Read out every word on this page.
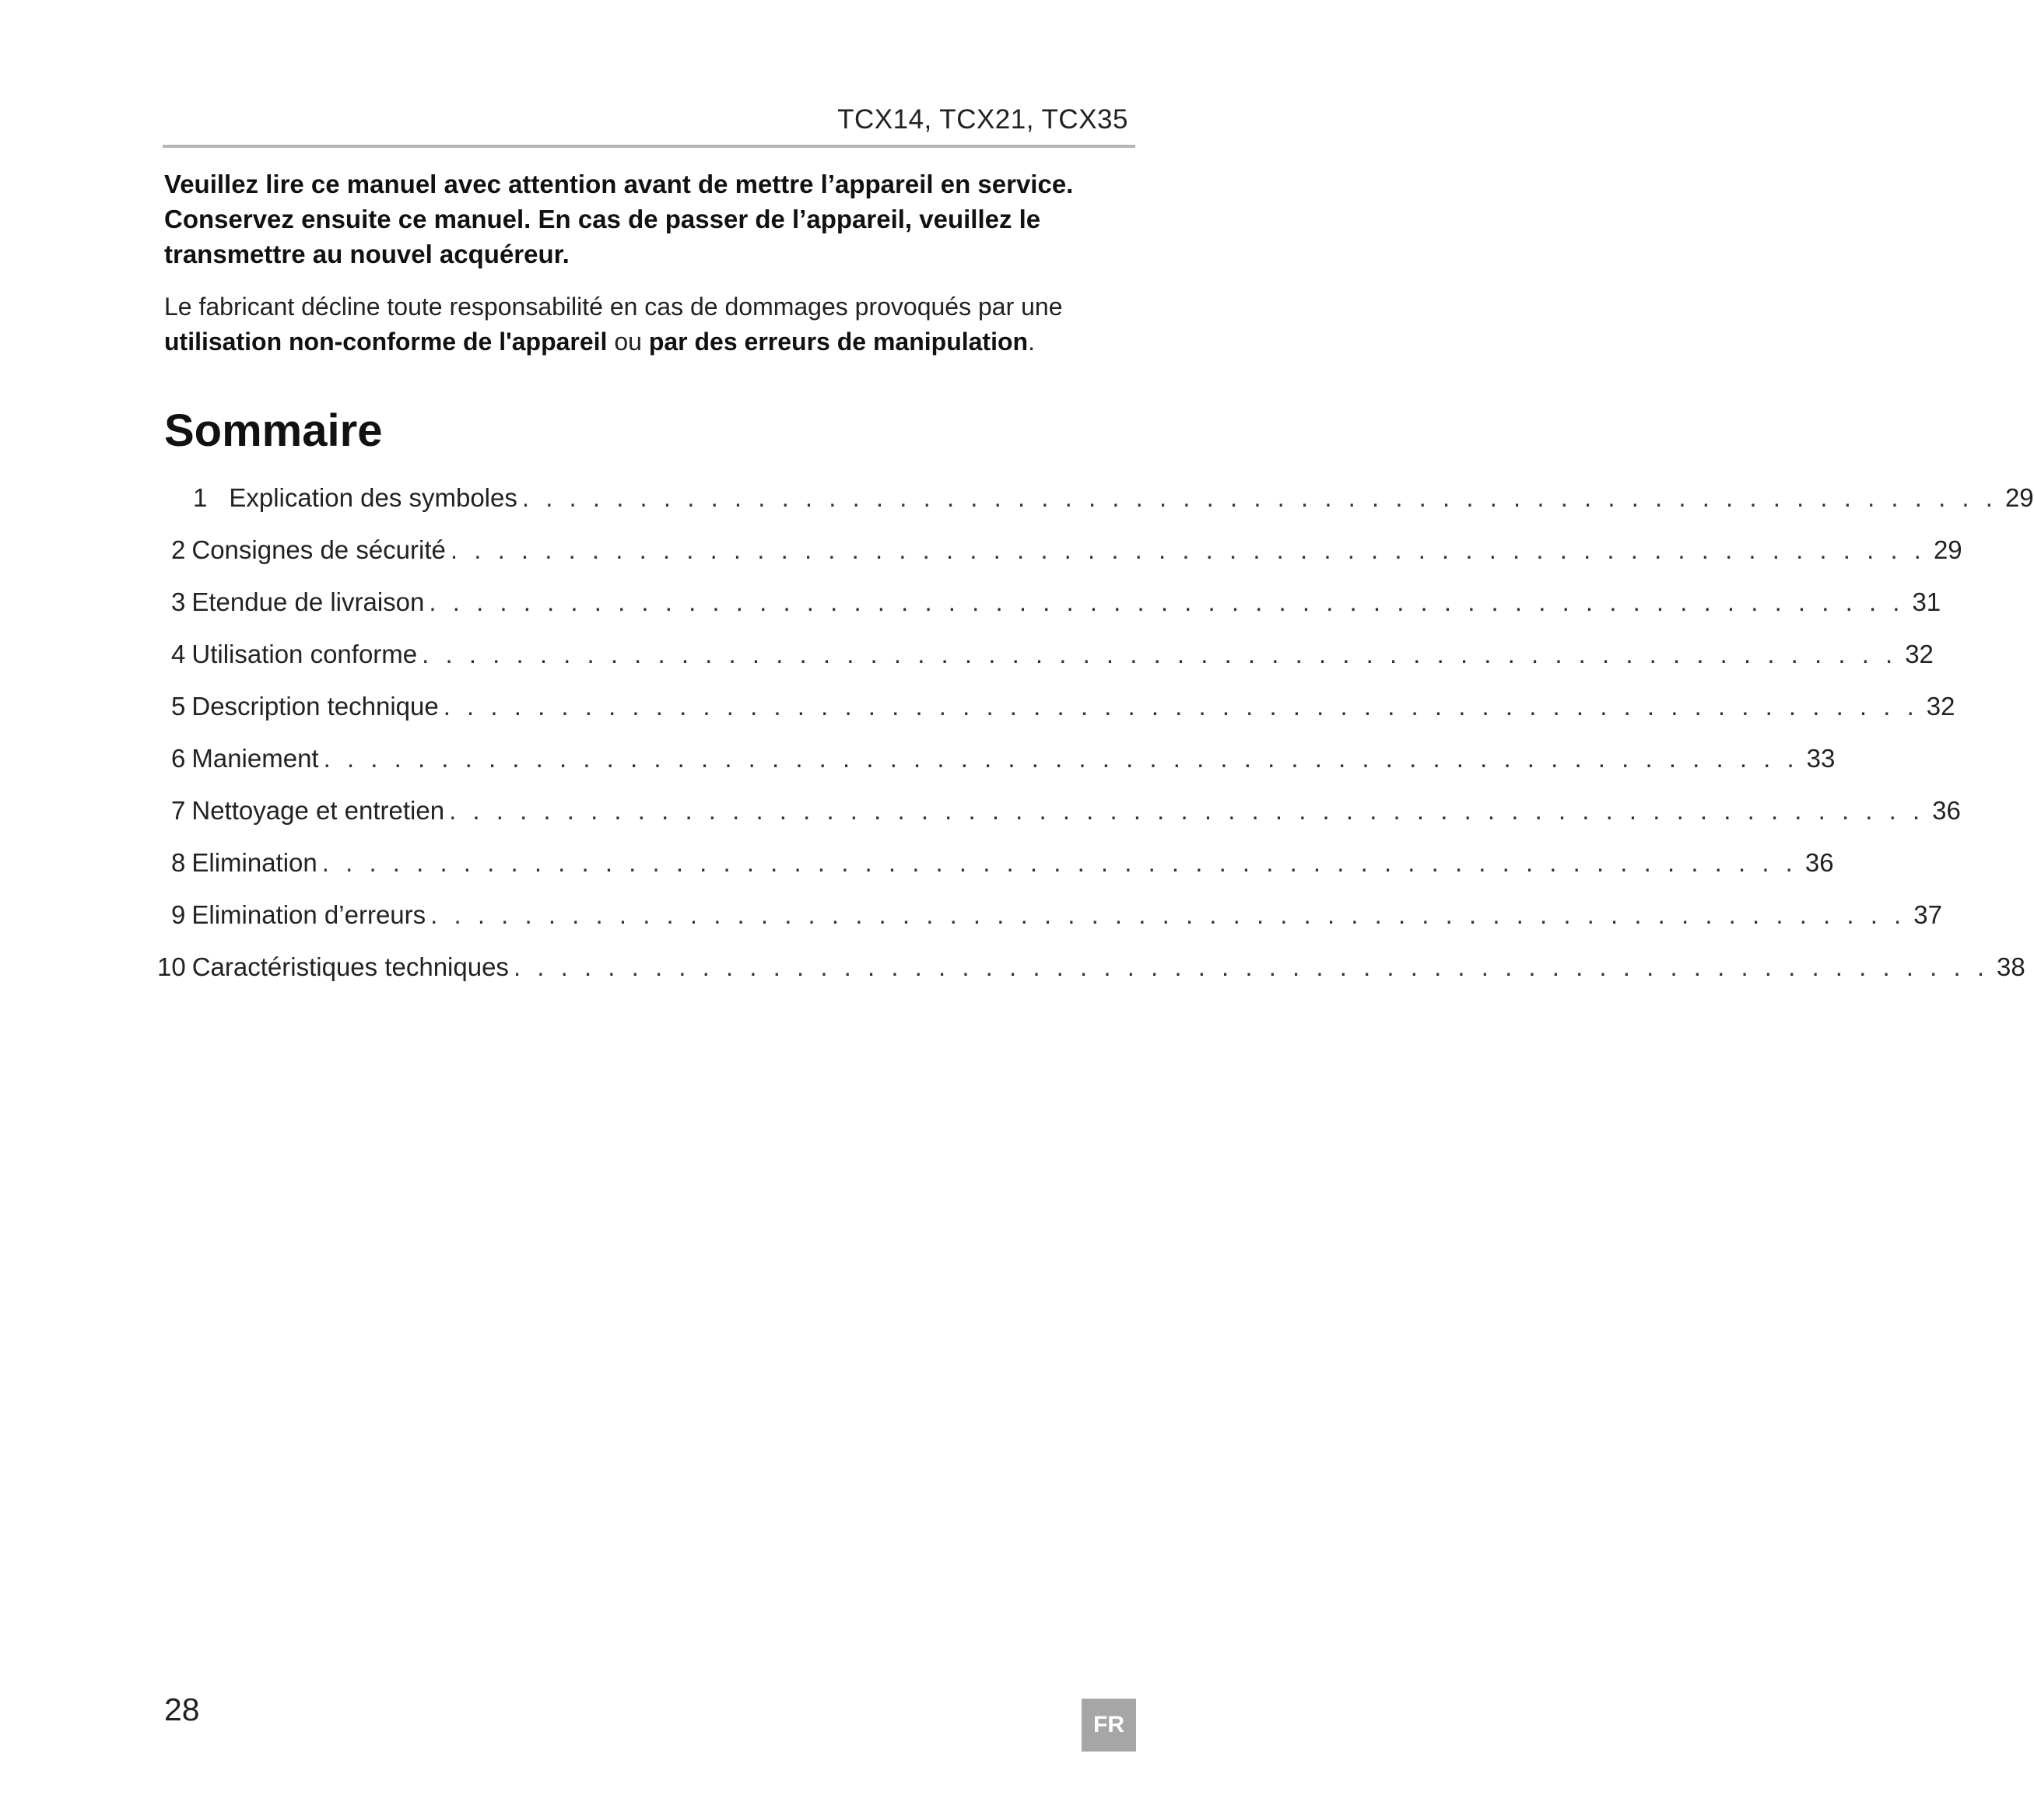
TCX14, TCX21, TCX35
Veuillez lire ce manuel avec attention avant de mettre l’appareil en service. Conservez ensuite ce manuel. En cas de passer de l’appareil, veuillez le transmettre au nouvel acquéreur.
Le fabricant décline toute responsabilité en cas de dommages provoqués par une utilisation non-conforme de l'appareil ou par des erreurs de manipulation.
Sommaire
1 Explication des symboles . . . . . . . . . . . . . . . . . . . . . . . . . . . . . . . . . . . . . . . . . . . . . . . . . . . . . . . . . . . . . . . 29
2 Consignes de sécurité . . . . . . . . . . . . . . . . . . . . . . . . . . . . . . . . . . . . . . . . . . . . . . . . . . . . . . . . . . . . . . . 29
3 Etendue de livraison . . . . . . . . . . . . . . . . . . . . . . . . . . . . . . . . . . . . . . . . . . . . . . . . . . . . . . . . . . . . . . . 31
4 Utilisation conforme . . . . . . . . . . . . . . . . . . . . . . . . . . . . . . . . . . . . . . . . . . . . . . . . . . . . . . . . . . . . . . . 32
5 Description technique . . . . . . . . . . . . . . . . . . . . . . . . . . . . . . . . . . . . . . . . . . . . . . . . . . . . . . . . . . . . . . . 32
6 Maniement . . . . . . . . . . . . . . . . . . . . . . . . . . . . . . . . . . . . . . . . . . . . . . . . . . . . . . . . . . . . . . . 33
7 Nettoyage et entretien . . . . . . . . . . . . . . . . . . . . . . . . . . . . . . . . . . . . . . . . . . . . . . . . . . . . . . . . . . . . . . . 36
8 Elimination . . . . . . . . . . . . . . . . . . . . . . . . . . . . . . . . . . . . . . . . . . . . . . . . . . . . . . . . . . . . . . . 36
9 Elimination d’erreurs . . . . . . . . . . . . . . . . . . . . . . . . . . . . . . . . . . . . . . . . . . . . . . . . . . . . . . . . . . . . . . . 37
10 Caractéristiques techniques . . . . . . . . . . . . . . . . . . . . . . . . . . . . . . . . . . . . . . . . . . . . . . . . . . . . . . . . . . . . . . . 38
28	FR
